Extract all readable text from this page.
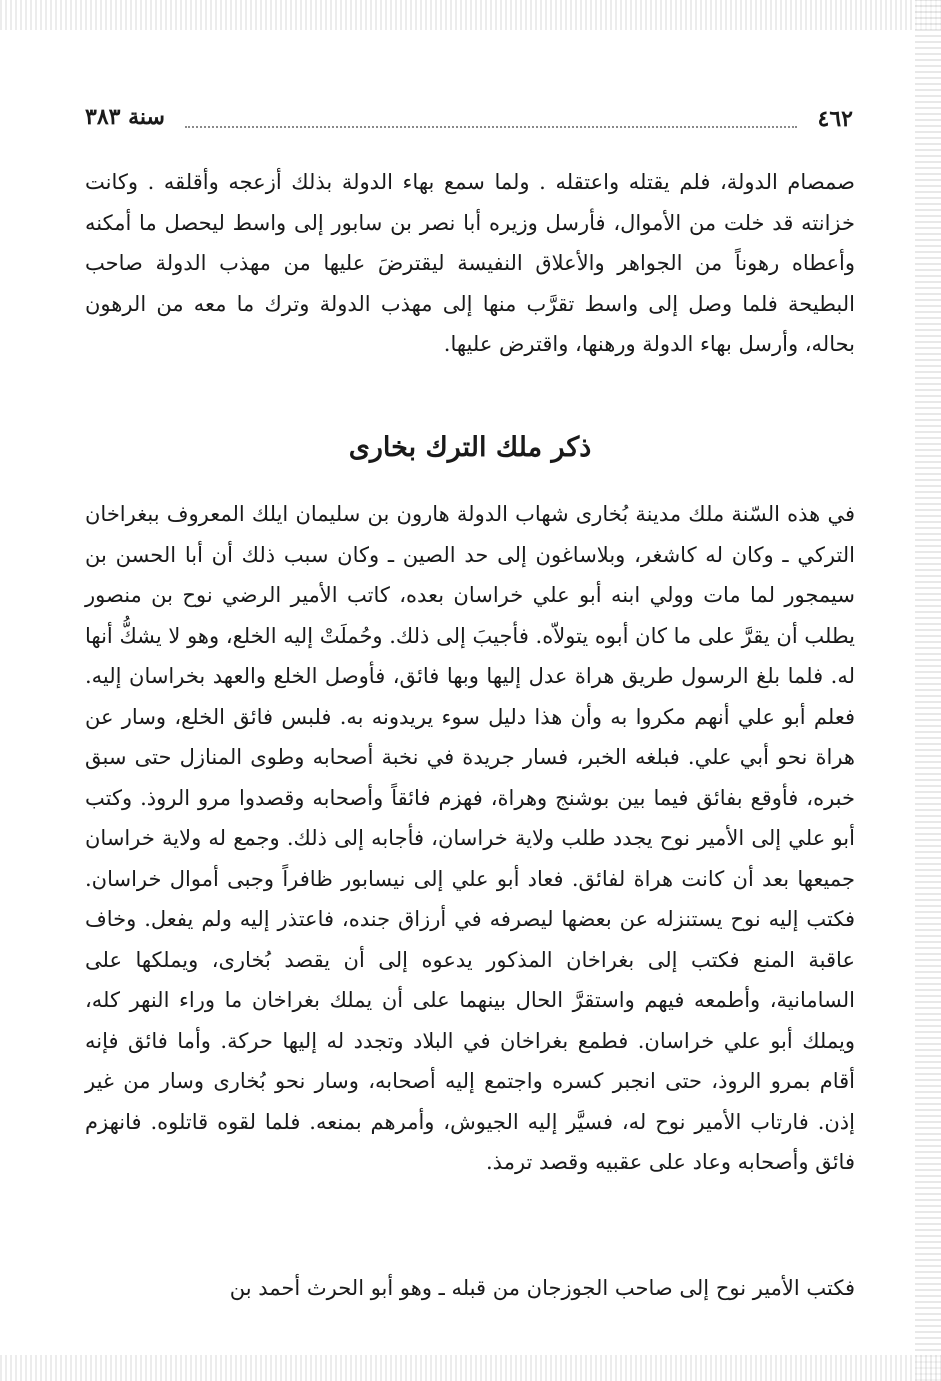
٤٦٢
سنة ٣٨٣

صمصام الدولة، فلم يقتله واعتقله . ولما سمع بهاء الدولة بذلك أزعجه وأقلقه . وكانت خزانته قد خلت من الأموال، فأرسل وزيره أبا نصر بن سابور إلى واسط ليحصل ما أمكنه وأعطاه رهوناً من الجواهر والأعلاق النفيسة ليقترضَ عليها من مهذب الدولة صاحب البطيحة فلما وصل إلى واسط تقرَّب منها إلى مهذب الدولة وترك ما معه من الرهون بحاله، وأرسل بهاء الدولة ورهنها، واقترض عليها.

ذكر ملك الترك بخارى

في هذه السّنة ملك مدينة بُخارى شهاب الدولة هارون بن سليمان ايلك المعروف ببغراخان التركي ـ وكان له كاشغر، وبلاساغون إلى حد الصين ـ وكان سبب ذلك أن أبا الحسن بن سيمجور لما مات وولي ابنه أبو علي خراسان بعده، كاتب الأمير الرضي نوح بن منصور يطلب أن يقرَّ على ما كان أبوه يتولاّه. فأجيبَ إلى ذلك. وحُملَتْ إليه الخلع، وهو لا يشكُّ أنها له. فلما بلغ الرسول طريق هراة عدل إليها وبها فائق، فأوصل الخلع والعهد بخراسان إليه. فعلم أبو علي أنهم مكروا به وأن هذا دليل سوء يريدونه به. فلبس فائق الخلع، وسار عن هراة نحو أبي علي. فبلغه الخبر، فسار جريدة في نخبة أصحابه وطوى المنازل حتى سبق خبره، فأوقع بفائق فيما بين بوشنج وهراة، فهزم فائقاً وأصحابه وقصدوا مرو الروذ. وكتب أبو علي إلى الأمير نوح يجدد طلب ولاية خراسان، فأجابه إلى ذلك. وجمع له ولاية خراسان جميعها بعد أن كانت هراة لفائق. فعاد أبو علي إلى نيسابور ظافراً وجبى أموال خراسان. فكتب إليه نوح يستنزله عن بعضها ليصرفه في أرزاق جنده، فاعتذر إليه ولم يفعل. وخاف عاقبة المنع فكتب إلى بغراخان المذكور يدعوه إلى أن يقصد بُخارى، ويملكها على السامانية، وأطمعه فيهم واستقرَّ الحال بينهما على أن يملك بغراخان ما وراء النهر كله، ويملك أبو علي خراسان. فطمع بغراخان في البلاد وتجدد له إليها حركة. وأما فائق فإنه أقام بمرو الروذ، حتى انجبر كسره واجتمع إليه أصحابه، وسار نحو بُخارى وسار من غير إذن. فارتاب الأمير نوح له، فسيَّر إليه الجيوش، وأمرهم بمنعه. فلما لقوه قاتلوه. فانهزم فائق وأصحابه وعاد على عقبيه وقصد ترمذ.

فكتب الأمير نوح إلى صاحب الجوزجان من قبله ـ وهو أبو الحرث أحمد بن
